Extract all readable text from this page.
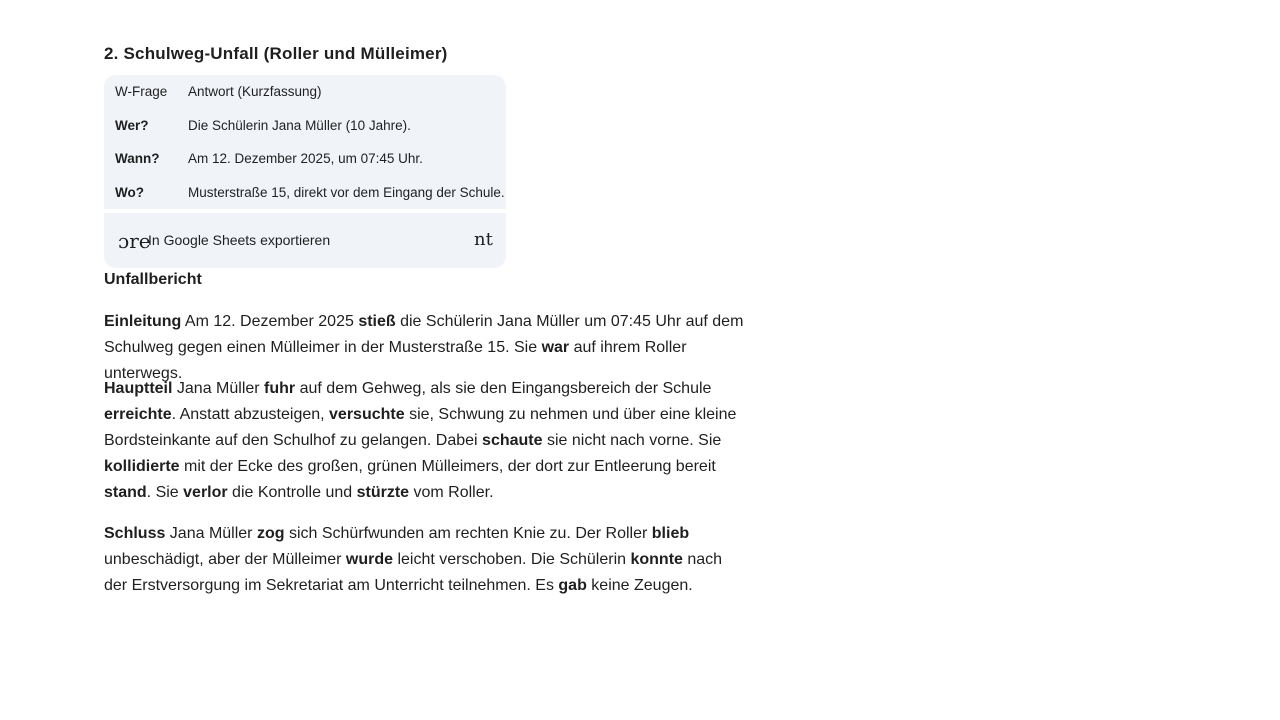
2. Schulweg-Unfall (Roller und Mülleimer)
W-Frage	Antwort (Kurzfassung)
Wer?	Die Schülerin Jana Müller (10 Jahre).
Wann?	Am 12. Dezember 2025, um 07:45 Uhr.
Wo?	Musterstraße 15, direkt vor dem Eingang der Schule.
ɔre
In Google Sheets exportieren	nt
Unfallbericht
Einleitung Am 12. Dezember 2025 stieß die Schülerin Jana Müller um 07:45 Uhr auf dem Schulweg gegen einen Mülleimer in der Musterstraße 15. Sie war auf ihrem Roller unterwegs.
Hauptteil Jana Müller fuhr auf dem Gehweg, als sie den Eingangsbereich der Schule erreichte. Anstatt abzusteigen, versuchte sie, Schwung zu nehmen und über eine kleine Bordsteinkante auf den Schulhof zu gelangen. Dabei schaute sie nicht nach vorne. Sie kollidierte mit der Ecke des großen, grünen Mülleimers, der dort zur Entleerung bereit stand. Sie verlor die Kontrolle und stürzte vom Roller.
Schluss Jana Müller zog sich Schürfwunden am rechten Knie zu. Der Roller blieb unbeschädigt, aber der Mülleimer wurde leicht verschoben. Die Schülerin konnte nach der Erstversorgung im Sekretariat am Unterricht teilnehmen. Es gab keine Zeugen.
